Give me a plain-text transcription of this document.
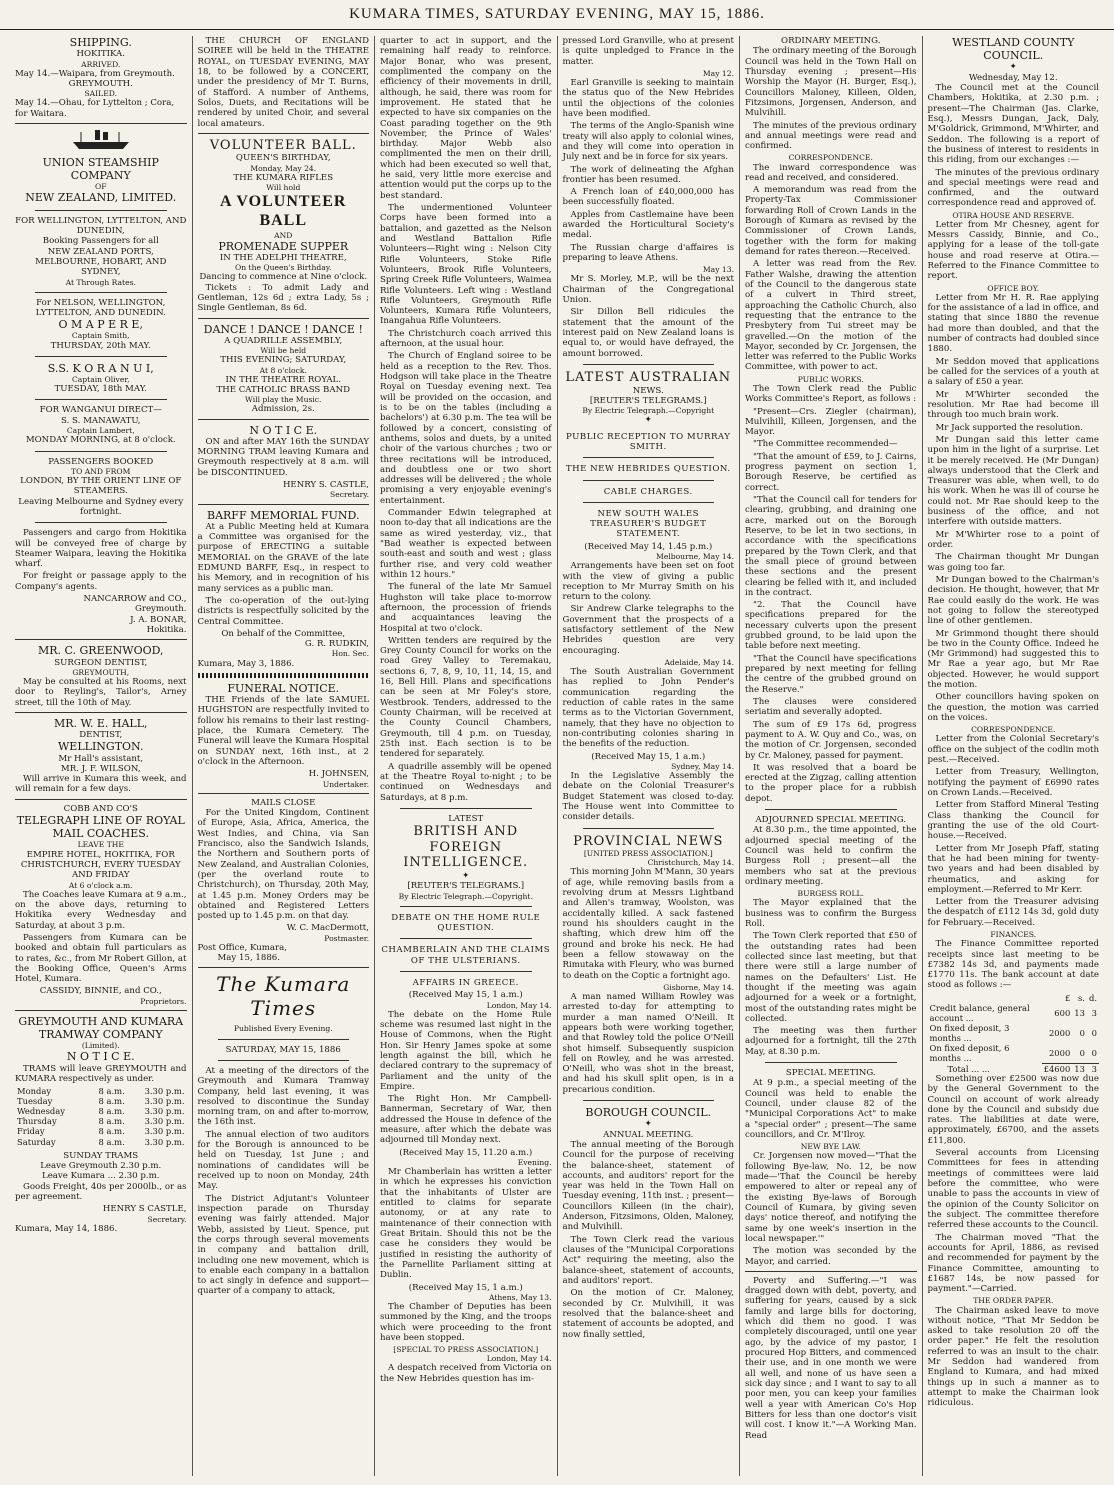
KUMARA TIMES, SATURDAY EVENING, MAY 15, 1886.
SHIPPING.
HOKITIKA.
ARRIVED.
May 14.—Waipara, from Greymouth.
GREYMOUTH.
SAILED.
May 14.—Ohau, for Lyttelton ; Cora, for Waitara.
UNION STEAMSHIP COMPANY
OF
NEW ZEALAND, LIMITED.
FOR WELLINGTON, LYTTELTON, AND DUNEDIN,
Booking Passengers for all
NEW ZEALAND PORTS, MELBOURNE, HOBART, AND SYDNEY,
At Through Rates.
For NELSON, WELLINGTON, LYTTELTON, AND DUNEDIN.
O M A P E R E,
Captain Smith,
THURSDAY, 20th MAY.
S.S. K O R A N U I,
Captain Oliver,
TUESDAY, 18th MAY.
FOR WANGANUI DIRECT—
S. S. MANAWATU,
Captain Lambert,
MONDAY MORNING, at 8 o'clock.
PASSENGERS BOOKED
TO AND FROM
LONDON, BY THE ORIENT LINE OF STEAMERS.
Leaving Melbourne and Sydney every fortnight.

Passengers and cargo from Hokitika will be conveyed free of charge by Steamer Waipara, leaving the Hokitika wharf.

For freight or passage apply to the Company's agents.

NANCARROW and CO.,
Greymouth.
J. A. BONAR,
Hokitika.
MR. C. GREENWOOD,
SURGEON DENTIST,
GREYMOUTH,

May be consulted at his Rooms, next door to Reyling's, Tailor's, Arney street, till the 10th of May.

MR. W. E. HALL,
DENTIST,
WELLINGTON.
Mr Hall's assistant,
MR. J. F. WILSON,

Will arrive in Kumara this week, and will remain for a few days.

COBB AND CO'S
TELEGRAPH LINE OF ROYAL MAIL COACHES.
LEAVE THE
EMPIRE HOTEL, HOKITIKA, FOR CHRISTCHURCH, EVERY TUESDAY AND FRIDAY
At 6 o'clock a.m.

The Coaches leave Kumara at 9 a.m., on the above days, returning to Hokitika every Wednesday and Saturday, at about 3 p.m.

Passengers from Kumara can be booked and obtain full particulars as to rates, &c., from Mr Robert Gillon, at the Booking Office, Queen's Arms Hotel, Kumara.

CASSIDY, BINNIE, and CO.,
Proprietors.
GREYMOUTH AND KUMARA TRAMWAY COMPANY
(Limited).
N O T I C E.

TRAMS will leave GREYMOUTH and KUMARA respectively as under.

Monday	8 a.m.	3.30 p.m.
Tuesday	8 a.m.	3.30 p.m.
Wednesday	8 a.m.	3.30 p.m.
Thursday	8 a.m.	3.30 p.m.
Friday	8 a.m.	3.30 p.m.
Saturday	8 a.m.	3.30 p.m.
SUNDAY TRAMS
Leave Greymouth 2.30 p.m.
Leave Kumara ... 2.30 p.m.

Goods Freight, 40s per 2000lb., or as per agreement.

HENRY S CASTLE,
Secretary.
Kumara, May 14, 1886.

THE CHURCH OF ENGLAND SOIREE will be held in the THEATRE ROYAL, on TUESDAY EVENING, MAY 18, to be followed by a CONCERT, under the presidency of Mr T. Burns, of Stafford. A number of Anthems, Solos, Duets, and Recitations will be rendered by united Choir, and several local amateurs.

VOLUNTEER BALL.
QUEEN'S BIRTHDAY,
Monday, May 24.
THE KUMARA RIFLES
Will hold
A VOLUNTEER BALL
AND
PROMENADE SUPPER
IN THE ADELPHI THEATRE,
On the Queen's Birthday.
Dancing to commence at Nine o'clock.

Tickets : To admit Lady and Gentleman, 12s 6d ; extra Lady, 5s ; Single Gentleman, 8s 6d.

DANCE ! DANCE ! DANCE !
A QUADRILLE ASSEMBLY,
Will be held
THIS EVENING; SATURDAY,
At 8 o'clock.
IN THE THEATRE ROYAL.
THE CATHOLIC BRASS BAND
Will play the Music.
Admission, 2s.
N O T I C E.

ON and after MAY 16th the SUNDAY MORNING TRAM leaving Kumara and Greymouth respectively at 8 a.m. will be DISCONTINUED.

HENRY S. CASTLE,
Secretary.
BARFF MEMORIAL FUND.

At a Public Meeting held at Kumara a Committee was organised for the purpose of ERECTING a suitable MEMORIAL on the GRAVE of the late EDMUND BARFF, Esq., in respect to his Memory, and in recognition of his many services as a public man.

The co-operation of the out-lying districts is respectfully solicited by the Central Committee.

On behalf of the Committee,
G. R. RUDKIN,
Hon. Sec.
Kumara, May 3, 1886.
FUNERAL NOTICE.

THE Friends of the late SAMUEL HUGHSTON are respectfully invited to follow his remains to their last resting-place, the Kumara Cemetery. The Funeral will leave the Kumara Hospital on SUNDAY next, 16th inst., at 2 o'clock in the Afternoon.

H. JOHNSEN,
Undertaker.
MAILS CLOSE

For the United Kingdom, Continent of Europe, Asia, Africa, America, the West Indies, and China, via San Francisco, also the Sandwich Islands, the Northern and Southern ports of New Zealand, and Australian Colonies, (per the overland route to Christchurch), on Thursday, 20th May, at 1.45 p.m. Money Orders may be obtained and Registered Letters posted up to 1.45 p.m. on that day.

W. C. MacDermott,
Postmaster.
Post Office, Kumara,
May 15, 1886.
The Kumara Times
Published Every Evening.
SATURDAY, MAY 15, 1886

At a meeting of the directors of the Greymouth and Kumara Tramway Company, held last evening, it was resolved to discontinue the Sunday morning tram, on and after to-morrow, the 16th inst.

The annual election of two auditors for the Borough is announced to be held on Tuesday, 1st June ; and nominations of candidates will be received up to noon on Monday, 24th May.

The District Adjutant's Volunteer inspection parade on Thursday evening was fairly attended. Major Webb, assisted by Lieut. Spence, put the corps through several movements in company and battalion drill, including one new movement, which is to enable each company in a battalion to act singly in defence and support—quarter of a company to attack,

quarter to act in support, and the remaining half ready to reinforce. Major Bonar, who was present, complimented the company on the efficiency of their movements in drill, although, he said, there was room for improvement. He stated that he expected to have six companies on the Coast parading together on the 9th November, the Prince of Wales' birthday. Major Webb also complimented the men on their drill, which had been executed so well that, he said, very little more exercise and attention would put the corps up to the best standard.

The undermentioned Volunteer Corps have been formed into a battalion, and gazetted as the Nelson and Westland Battalion Rifle Volunteers—Right wing : Nelson City Rifle Volunteers, Stoke Rifle Volunteers, Brook Rifle Volunteers, Spring Creek Rifle Volunteers, Waimea Rifle Volunteers. Left wing : Westland Rifle Volunteers, Greymouth Rifle Volunteers, Kumara Rifle Volunteers, Inangahua Rifle Volunteers.

The Christchurch coach arrived this afternoon, at the usual hour.

The Church of England soiree to be held as a reception to the Rev. Thos. Hodgson will take place in the Theatre Royal on Tuesday evening next. Tea will be provided on the occasion, and is to be on the tables (including a bachelors') at 6.30 p.m. The tea will be followed by a concert, consisting of anthems, solos and duets, by a united choir of the various churches ; two or three recitations will be introduced, and doubtless one or two short addresses will be delivered ; the whole promising a very enjoyable evening's entertainment.

Commander Edwin telegraphed at noon to-day that all indications are the same as wired yesterday, viz., that "Bad weather is expected between south-east and south and west ; glass further rise, and very cold weather within 12 hours."

The funeral of the late Mr Samuel Hughston will take place to-morrow afternoon, the procession of friends and acquaintances leaving the Hospital at two o'clock.

Written tenders are required by the Grey County Council for works on the road Grey Valley to Teremakau, sections 6, 7, 8, 9, 10, 11, 14, 15, and 16, Bell Hill. Plans and specifications can be seen at Mr Foley's store, Westbrook. Tenders, addressed to the County Chairman, will be received at the County Council Chambers, Greymouth, till 4 p.m. on Tuesday, 25th inst. Each section is to be tendered for separately.

A quadrille assembly will be opened at the Theatre Royal to-night ; to be continued on Wednesdays and Saturdays, at 8 p.m.

LATEST
BRITISH AND FOREIGN INTELLIGENCE.
✦
[REUTER'S TELEGRAMS.]
By Electric Telegraph.—Copyright.
DEBATE ON THE HOME RULE QUESTION.
CHAMBERLAIN AND THE CLAIMS OF THE ULSTERIANS.
AFFAIRS IN GREECE.
(Received May 15, 1 a.m.)
London, May 14.

The debate on the Home Rule scheme was resumed last night in the House of Commons, when the Right Hon. Sir Henry James spoke at some length against the bill, which he declared contrary to the supremacy of Parliament and the unity of the Empire.

The Right Hon. Mr Campbell-Bannerman, Secretary of War, then addressed the House in defence of the measure, after which the debate was adjourned till Monday next.

(Received May 15, 11.20 a.m.)
Evening.

Mr Chamberlain has written a letter in which he expresses his conviction that the inhabitants of Ulster are entitled to claims for separate autonomy, or at any rate to maintenance of their connection with Great Britain. Should this not be the case he considers they would be justified in resisting the authority of the Parnellite Parliament sitting at Dublin.

(Received May 15, 1 a.m.)
Athens, May 13.

The Chamber of Deputies has been summoned by the King, and the troops which were proceeding to the front have been stopped.

[SPECIAL TO PRESS ASSOCIATION.]
London, May 14.

A despatch received from Victoria on the New Hebrides question has im-

pressed Lord Granville, who at present is quite unpledged to France in the matter.

May 12.

Earl Granville is seeking to maintain the status quo of the New Hebrides until the objections of the colonies have been modified.

The terms of the Anglo-Spanish wine treaty will also apply to colonial wines, and they will come into operation in July next and be in force for six years.

The work of delineating the Afghan frontier has been resumed.

A French loan of £40,000,000 has been successfully floated.

Apples from Castlemaine have been awarded the Horticultural Society's medal.

The Russian charge d'affaires is preparing to leave Athens.

May 13.

Mr S. Morley, M.P., will be the next Chairman of the Congregational Union.

Sir Dillon Bell ridicules the statement that the amount of the interest paid on New Zealand loans is equal to, or would have defrayed, the amount borrowed.

LATEST AUSTRALIAN
NEWS.
[REUTER'S TELEGRAMS.]
By Electric Telegraph.—Copyright
✦
PUBLIC RECEPTION TO MURRAY SMITH.
THE NEW HEBRIDES QUESTION.
CABLE CHARGES.
NEW SOUTH WALES TREASURER'S BUDGET STATEMENT.
(Received May 14, 1.45 p.m.)
Melbourne, May 14.

Arrangements have been set on foot with the view of giving a public reception to Mr Murray Smith on his return to the colony.

Sir Andrew Clarke telegraphs to the Government that the prospects of a satisfactory settlement of the New Hebrides question are very encouraging.

Adelaide, May 14.

The South Australian Government has replied to John Pender's communication regarding the reduction of cable rates in the same terms as to the Victorian Government, namely, that they have no objection to non-contributing colonies sharing in the benefits of the reduction.

(Received May 15, 1 a.m.)
Sydney, May 14.

In the Legislative Assembly the debate on the Colonial Treasurer's Budget Statement was closed to-day. The House went into Committee to consider details.

PROVINCIAL NEWS
[UNITED PRESS ASSOCIATION.]
Christchurch, May 14.

This morning John M'Mann, 30 years of age, while removing basils from a revolving drum at Messrs Lightband and Allen's tramway, Woolston, was accidentally killed. A sack fastened round his shoulders caught in the shafting, which drew him off the ground and broke his neck. He had been a fellow stowaway on the Rimutaka with Fleury, who was burned to death on the Coptic a fortnight ago.

Gisborne, May 14.

A man named William Rowley was arrested to-day for attempting to murder a man named O'Neill. It appears both were working together, and that Rowley told the police O'Neill shot himself. Subsequently suspicion fell on Rowley, and he was arrested. O'Neill, who was shot in the breast, and had his skull split open, is in a precarious condition.

BOROUGH COUNCIL.
✦
ANNUAL MEETING.

The annual meeting of the Borough Council for the purpose of receiving the balance-sheet, statement of accounts, and auditors' report for the year was held in the Town Hall on Tuesday evening, 11th inst. ; present—Councillors Killeen (in the chair), Anderson, Fitzsimons, Olden, Maloney, and Mulvihill.

The Town Clerk read the various clauses of the "Municipal Corporations Act" requiring the meeting, also the balance-sheet, statement of accounts, and auditors' report.

On the motion of Cr. Maloney, seconded by Cr. Mulvihill, it was resolved that the balance-sheet and statement of accounts be adopted, and now finally settled,

ORDINARY MEETING.

The ordinary meeting of the Borough Council was held in the Town Hall on Thursday evening ; present—His Worship the Mayor (H. Burger, Esq.), Councillors Maloney, Killeen, Olden, Fitzsimons, Jorgensen, Anderson, and Mulvihill.

The minutes of the previous ordinary and annual meetings were read and confirmed.

CORRESPONDENCE.

The inward correspondence was read and received, and considered.

A memorandum was read from the Property-Tax Commissioner forwarding Roll of Crown Lands in the Borough of Kumara as revised by the Commissioner of Crown Lands, together with the form for making demand for rates thereon.—Received.

A letter was read from the Rev. Father Walshe, drawing the attention of the Council to the dangerous state of a culvert in Third street, approaching the Catholic Church, also requesting that the entrance to the Presbytery from Tui street may be gravelled.—On the motion of the Mayor, seconded by Cr. Jorgensen, the letter was referred to the Public Works Committee, with power to act.

PUBLIC WORKS.

The Town Clerk read the Public Works Committee's Report, as follows :

"Present—Crs. Ziegler (chairman), Mulvihill, Killeen, Jorgensen, and the Mayor.

"The Committee recommended—

"That the amount of £59, to J. Cairns, progress payment on section 1, Borough Reserve, be certified as correct.

"That the Council call for tenders for clearing, grubbing, and draining one acre, marked out on the Borough Reserve, to be let in two sections, in accordance with the specifications prepared by the Town Clerk, and that the small piece of ground between these sections and the present clearing be felled with it, and included in the contract.

"2. That the Council have specifications prepared for the necessary culverts upon the present grubbed ground, to be laid upon the table before next meeting.

"That the Council have specifications prepared by next meeting for felling the centre of the grubbed ground on the Reserve."

The clauses were considered seriatim and severally adopted.

The sum of £9 17s 6d, progress payment to A. W. Quy and Co., was, on the motion of Cr. Jorgensen, seconded by Cr. Maloney, passed for payment.

It was resolved that a board be erected at the Zigzag, calling attention to the proper place for a rubbish depot.

ADJOURNED SPECIAL MEETING.

At 8.30 p.m., the time appointed, the adjourned special meeting of the Council was held to confirm the Burgess Roll ; present—all the members who sat at the previous ordinary meeting.

BURGESS ROLL.

The Mayor explained that the business was to confirm the Burgess Roll.

The Town Clerk reported that £50 of the outstanding rates had been collected since last meeting, but that there were still a large number of names on the Defaulters' List. He thought if the meeting was again adjourned for a week or a fortnight, most of the outstanding rates might be collected.

The meeting was then further adjourned for a fortnight, till the 27th May, at 8.30 p.m.

SPECIAL MEETING.

At 9 p.m., a special meeting of the Council was held to enable the Council, under clause 82 of the "Municipal Corporations Act" to make a "special order" ; present—The same councillors, and Cr. M'Ilroy.

NEW BYE LAW.

Cr. Jorgensen now moved—"That the following Bye-law, No. 12, be now made—'That the Council be hereby empowered to alter or repeal any of the existing Bye-laws of Borough Council of Kumara, by giving seven days' notice thereof, and notifying the same by one week's insertion in the local newspaper.'"

The motion was seconded by the Mayor, and carried.

Poverty and Suffering.—"I was dragged down with debt, poverty, and suffering for years, caused by a sick family and large bills for doctoring, which did them no good. I was completely discouraged, until one year ago, by the advice of my pastor, I procured Hop Bitters, and commenced their use, and in one month we were all well, and none of us have seen a sick day since ; and I want to say to all poor men, you can keep your families well a year with American Co's Hop Bitters for less than one doctor's visit will cost. I know it."—A Working Man. Read

WESTLAND COUNTY COUNCIL.
✦
Wednesday, May 12.

The Council met at the Council Chambers, Hokitika, at 2.30 p.m. ; present—The Chairman (Jas. Clarke, Esq.), Messrs Dungan, Jack, Daly, M'Goldrick, Grimmond, M'Whirter, and Seddon. The following is a report of the business of interest to residents in this riding, from our exchanges :—

The minutes of the previous ordinary and special meetings were read and confirmed, and the outward correspondence read and approved of.

OTIRA HOUSE AND RESERVE.

Letter from Mr Chesney, agent for Messrs Cassidy, Binnie, and Co., applying for a lease of the toll-gate house and road reserve at Otira.—Referred to the Finance Committee to report.

OFFICE BOY.

Letter from Mr H. R. Rae applying for the assistance of a lad in office, and stating that since 1880 the revenue had more than doubled, and that the number of contracts had doubled since 1880.

Mr Seddon moved that applications be called for the services of a youth at a salary of £50 a year.

Mr M'Whirter seconded the resolution. Mr Rae had become ill through too much brain work.

Mr Jack supported the resolution.

Mr Dungan said this letter came upon him in the light of a surprise. Let it be merely received. He (Mr Dungan) always understood that the Clerk and Treasurer was able, when well, to do his work. When he was ill of course he could not. Mr Rae should keep to the business of the office, and not interfere with outside matters.

Mr M'Whirter rose to a point of order.

The Chairman thought Mr Dungan was going too far.

Mr Dungan bowed to the Chairman's decision. He thought, however, that Mr Rae could easily do the work. He was not going to follow the stereotyped line of other gentlemen.

Mr Grimmond thought there should be two in the County Office. Indeed he (Mr Grimmond) had suggested this to Mr Rae a year ago, but Mr Rae objected. However, he would support the motion.

Other councillors having spoken on the question, the motion was carried on the voices.

CORRESPONDENCE.

Letter from the Colonial Secretary's office on the subject of the codlin moth pest.—Received.

Letter from Treasury, Wellington, notifying the payment of £6990 rates on Crown Lands.—Received.

Letter from Stafford Mineral Testing Class thanking the Council for granting the use of the old Court-house.—Received.

Letter from Mr Joseph Pfaff, stating that he had been mining for twenty-two years and had been disabled by rheumatics, and asking for employment.—Referred to Mr Kerr.

Letter from the Treasurer advising the despatch of £112 14s 3d, gold duty for February.—Received.

FINANCES.

The Finance Committee reported receipts since last meeting to be £7382 14s 3d, and payments made £1770 11s. The bank account at date stood as follows :—

	£	s.	d.
Credit balance, general account ...	600	13	3
On fixed deposit, 3 months ...	2000	0	0
On fixed deposit, 6 months ...	2000	0	0
Total ... ...	£4600	13	3

Something over £2500 was now due by the General Government to the Council on account of work already done by the Council and subsidy due rates. The liabilities at date were, approximately, £6700, and the assets £11,800.

Several accounts from Licensing Committees for fees in attending meetings of committees were laid before the committee, who were unable to pass the accounts in view of the opinion of the County Solicitor on the subject. The committee therefore referred these accounts to the Council.

The Chairman moved "That the accounts for April, 1886, as revised and recommended for payment by the Finance Committee, amounting to £1687 14s, be now passed for payment."—Carried.

THE ORDER PAPER.

The Chairman asked leave to move without notice, "That Mr Seddon be asked to take resolution 20 off the order paper." He felt the resolution referred to was an insult to the chair. Mr Seddon had wandered from England to Kumara, and had mixed things up in such a manner as to attempt to make the Chairman look ridiculous.
